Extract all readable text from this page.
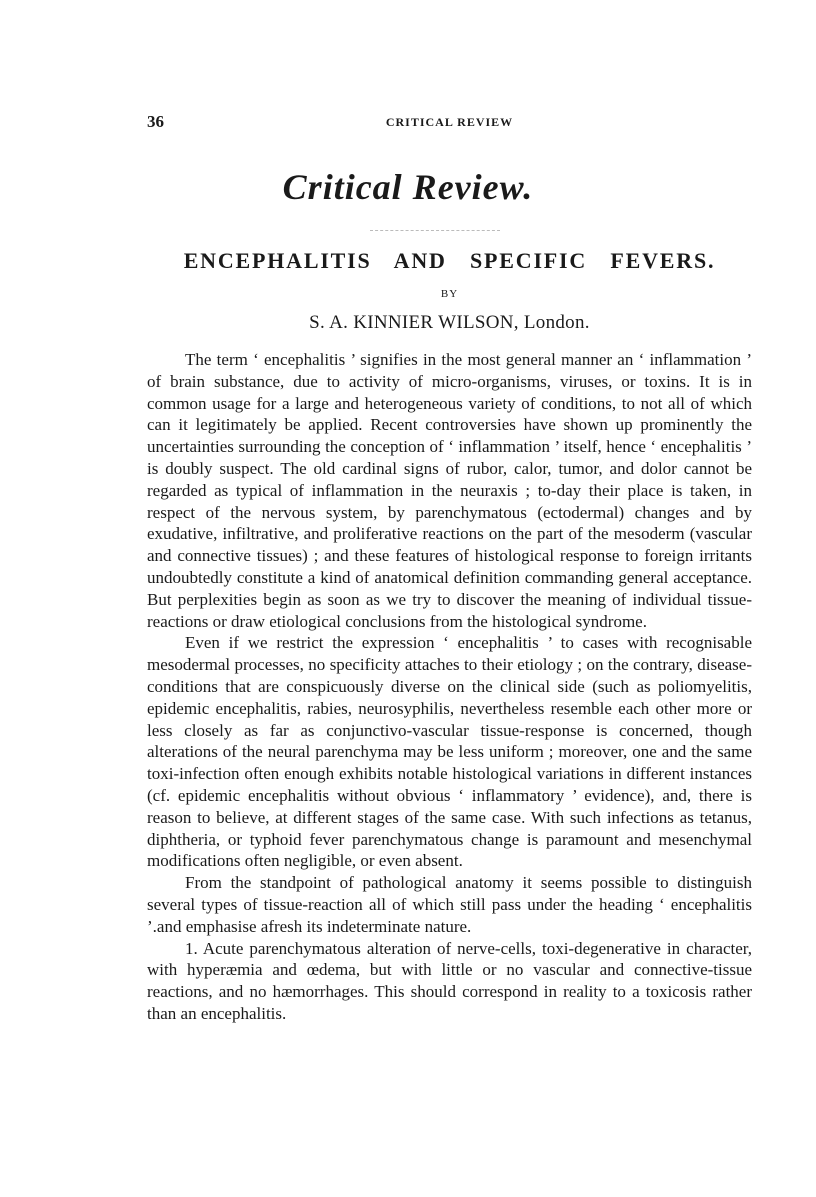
36	CRITICAL REVIEW
Critical Review.
ENCEPHALITIS AND SPECIFIC FEVERS.
BY
S. A. KINNIER WILSON, London.

The term ‘ encephalitis ’ signifies in the most general manner an ‘ inflammation ’ of brain substance, due to activity of micro-organisms, viruses, or toxins. It is in common usage for a large and heterogeneous variety of conditions, to not all of which can it legitimately be applied. Recent controversies have shown up prominently the uncertainties surrounding the conception of ‘ inflammation ’ itself, hence ‘ encephalitis ’ is doubly suspect. The old cardinal signs of rubor, calor, tumor, and dolor cannot be regarded as typical of inflammation in the neuraxis ; to-day their place is taken, in respect of the nervous system, by parenchymatous (ectodermal) changes and by exudative, infiltrative, and proliferative reactions on the part of the mesoderm (vascular and connective tissues) ; and these features of histological response to foreign irritants undoubtedly constitute a kind of anatomical definition commanding general acceptance. But perplexities begin as soon as we try to discover the meaning of individual tissue-reactions or draw etiological conclusions from the histological syndrome.

Even if we restrict the expression ‘ encephalitis ’ to cases with recognisable mesodermal processes, no specificity attaches to their etiology ; on the contrary, disease-conditions that are conspicuously diverse on the clinical side (such as poliomyelitis, epidemic encephalitis, rabies, neurosyphilis, nevertheless resemble each other more or less closely as far as conjunctivo-vascular tissue-response is concerned, though alterations of the neural parenchyma may be less uniform ; moreover, one and the same toxi-infection often enough exhibits notable histological variations in different instances (cf. epidemic encephalitis without obvious ‘ inflammatory ’ evidence), and, there is reason to believe, at different stages of the same case. With such infections as tetanus, diphtheria, or typhoid fever parenchymatous change is paramount and mesenchymal modifications often negligible, or even absent.

From the standpoint of pathological anatomy it seems possible to distinguish several types of tissue-reaction all of which still pass under the heading ‘ encephalitis ’.and emphasise afresh its indeterminate nature.

1. Acute parenchymatous alteration of nerve-cells, toxi-degenerative in character, with hyperæmia and œdema, but with little or no vascular and connective-tissue reactions, and no hæmorrhages. This should correspond in reality to a toxicosis rather than an encephalitis.
